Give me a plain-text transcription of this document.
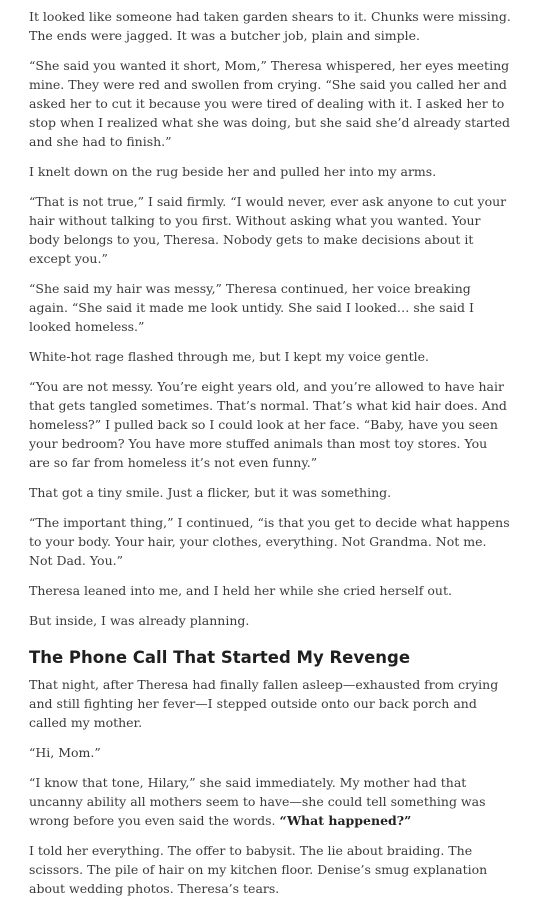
It looked like someone had taken garden shears to it. Chunks were missing. The ends were jagged. It was a butcher job, plain and simple.

“She said you wanted it short, Mom,” Theresa whispered, her eyes meeting mine. They were red and swollen from crying. “She said you called her and asked her to cut it because you were tired of dealing with it. I asked her to stop when I realized what she was doing, but she said she’d already started and she had to finish.”

I knelt down on the rug beside her and pulled her into my arms.

“That is not true,” I said firmly. “I would never, ever ask anyone to cut your hair without talking to you first. Without asking what you wanted. Your body belongs to you, Theresa. Nobody gets to make decisions about it except you.”

“She said my hair was messy,” Theresa continued, her voice breaking again. “She said it made me look untidy. She said I looked… she said I looked homeless.”

White-hot rage flashed through me, but I kept my voice gentle.

“You are not messy. You’re eight years old, and you’re allowed to have hair that gets tangled sometimes. That’s normal. That’s what kid hair does. And homeless?” I pulled back so I could look at her face. “Baby, have you seen your bedroom? You have more stuffed animals than most toy stores. You are so far from homeless it’s not even funny.”

That got a tiny smile. Just a flicker, but it was something.

“The important thing,” I continued, “is that you get to decide what happens to your body. Your hair, your clothes, everything. Not Grandma. Not me. Not Dad. You.”

Theresa leaned into me, and I held her while she cried herself out.

But inside, I was already planning.

The Phone Call That Started My Revenge

That night, after Theresa had finally fallen asleep—exhausted from crying and still fighting her fever—I stepped outside onto our back porch and called my mother.

“Hi, Mom.”

“I know that tone, Hilary,” she said immediately. My mother had that uncanny ability all mothers seem to have—she could tell something was wrong before you even said the words. “What happened?”

I told her everything. The offer to babysit. The lie about braiding. The scissors. The pile of hair on my kitchen floor. Denise’s smug explanation about wedding photos. Theresa’s tears.
